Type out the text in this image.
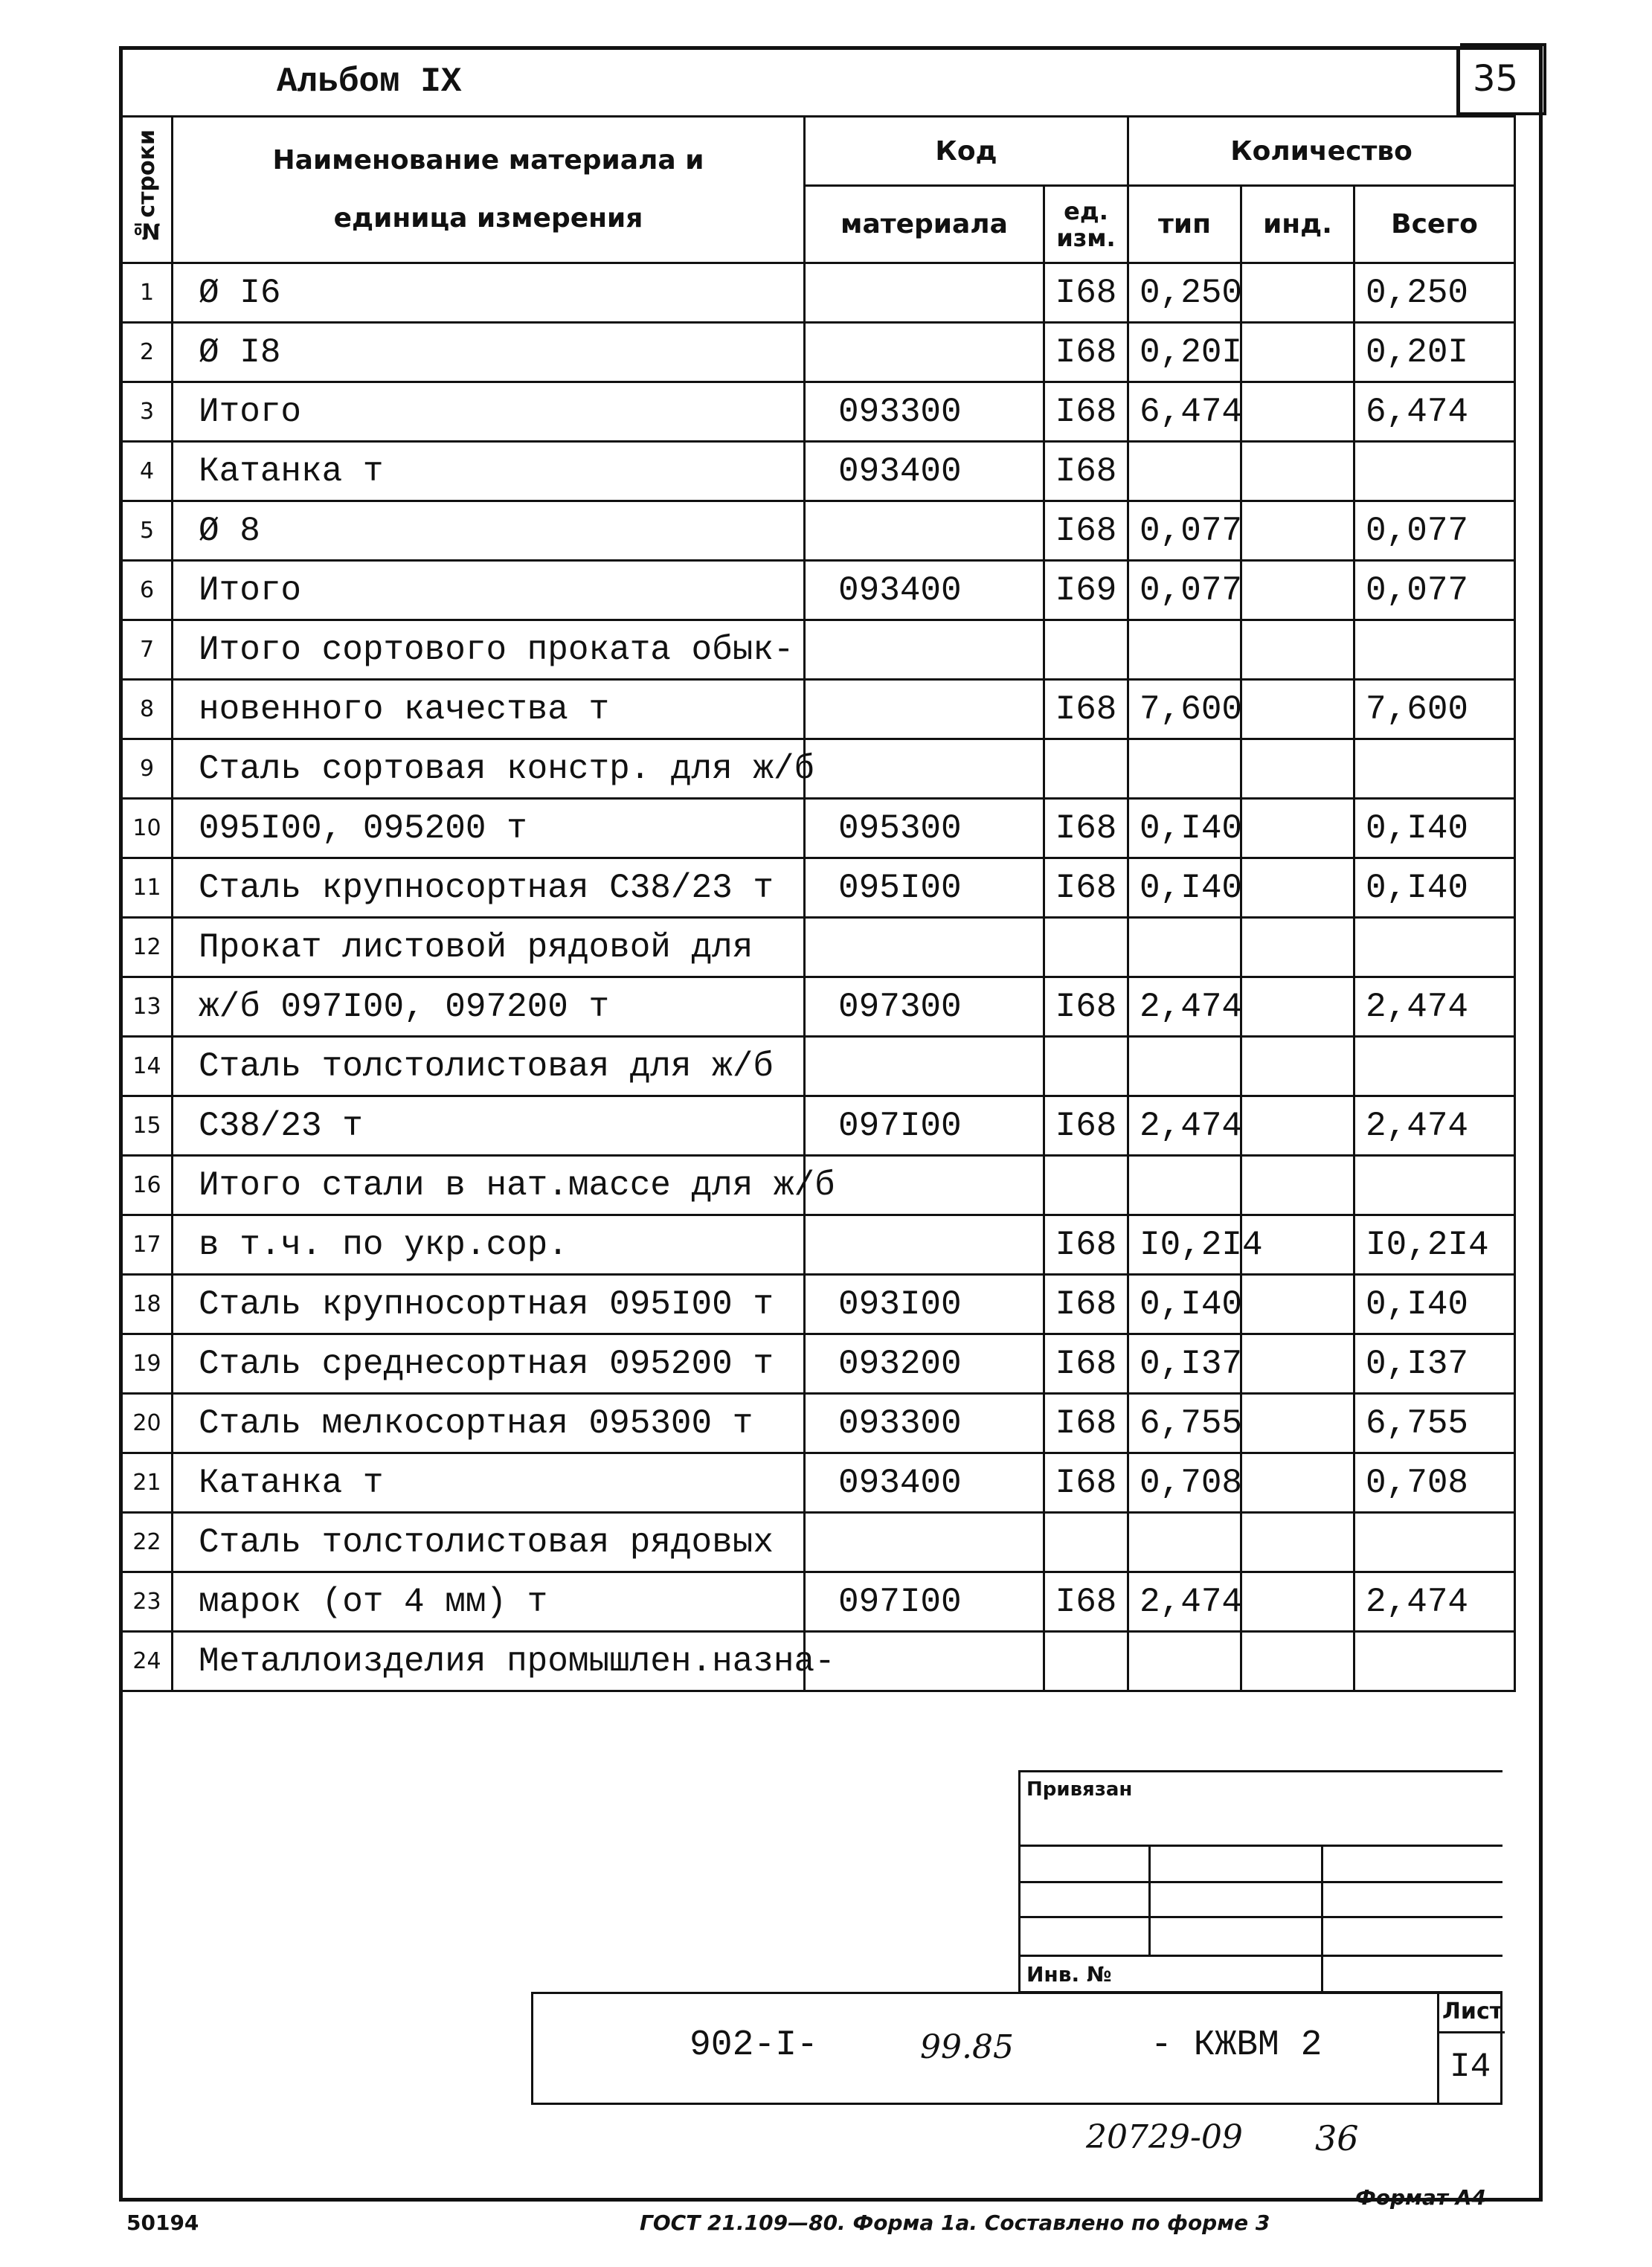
Альбом IX	35
№строки	Наименование материала и единица измерения	Код		Количество		
		материала	ед. изм.	тип	инд.	Всего
1	Ø I6		I68	0,250		0,250
2	Ø I8		I68	0,20I		0,20I
3	Итого	093300	I68	6,474		6,474
4	Катанка т	093400	I68			
5	Ø 8		I68	0,077		0,077
6	Итого	093400	I69	0,077		0,077
7	Итого сортового проката обык-					
8	новенного качества т		I68	7,600		7,600
9	Сталь сортовая констр. для ж/б					
10	095I00, 095200 т	095300	I68	0,I40		0,I40
11	Сталь крупносортная С38/23 т	095I00	I68	0,I40		0,I40
12	Прокат листовой рядовой для					
13	ж/б 097I00, 097200 т	097300	I68	2,474		2,474
14	Сталь толстолистовая для ж/б					
15	С38/23 т	097I00	I68	2,474		2,474
16	Итого стали в нат.массе для ж/б					
17	в т.ч. по укр.сор.		I68	I0,2I4		I0,2I4
18	Сталь крупносортная 095I00 т	093I00	I68	0,I40		0,I40
19	Сталь среднесортная 095200 т	093200	I68	0,I37		0,I37
20	Сталь мелкосортная 095300 т	093300	I68	6,755		6,755
21	Катанка т	093400	I68	0,708		0,708
22	Сталь толстолистовая рядовых					
23	марок (от 4 мм) т	097I00	I68	2,474		2,474
24	Металлоизделия промышлен.назна-					
Привязан
Инв. №
902-I-	99.85	- КЖВМ 2
Лист
I4
20729-09 36
Формат А4
50194	ГОСТ 21.109—80. Форма 1а. Составлено по форме 3
